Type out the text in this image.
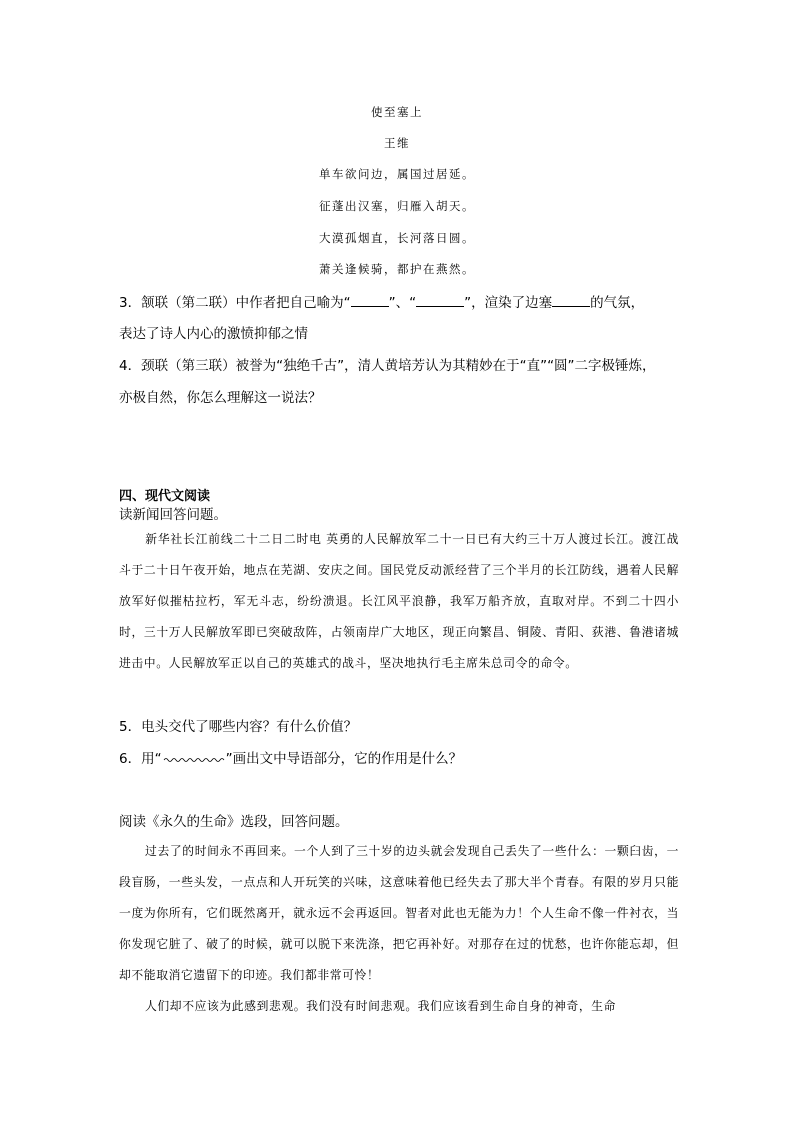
使至塞上
王维
单车欲问边，属国过居延。
征蓬出汉塞，归雁入胡天。
大漠孤烟直，长河落日圆。
萧关逢候骑，都护在燕然。
3．颔联（第二联）中作者把自己喻为“	”、“	”，渲染了边塞	的气氛，
表达了诗人内心的激愤抑郁之情
4．颈联（第三联）被誉为“独绝千古”，清人黄培芳认为其精妙在于“直”“圆”二字极锤炼，
亦极自然，你怎么理解这一说法？
四、现代文阅读
读新闻回答问题。
新华社长江前线二十二日二时电 英勇的人民解放军二十一日已有大约三十万人渡过长江。渡江战斗于二十日午夜开始，地点在芜湖、安庆之间。国民党反动派经营了三个半月的长江防线，遇着人民解放军好似摧枯拉朽，军无斗志，纷纷溃退。长江风平浪静，我军万船齐放，直取对岸。不到二十四小时，三十万人民解放军即已突破敌阵，占领南岸广大地区，现正向繁昌、铜陵、青阳、荻港、鲁港诸城进击中。人民解放军正以自己的英雄式的战斗，坚决地执行毛主席朱总司令的命令。
5．电头交代了哪些内容？有什么价值？
6．用“	”画出文中导语部分，它的作用是什么？
阅读《永久的生命》选段，回答问题。
过去了的时间永不再回来。一个人到了三十岁的边头就会发现自己丢失了一些什么：一颗臼齿，一段盲肠，一些头发，一点点和人开玩笑的兴味，这意味着他已经失去了那大半个青春。有限的岁月只能一度为你所有，它们既然离开，就永远不会再返回。智者对此也无能为力！个人生命不像一件衬衣，当你发现它脏了、破了的时候，就可以脱下来洗涤，把它再补好。对那存在过的忧愁，也许你能忘却，但却不能取消它遗留下的印迹。我们都非常可怜！
人们却不应该为此感到悲观。我们没有时间悲观。我们应该看到生命自身的神奇，生命
